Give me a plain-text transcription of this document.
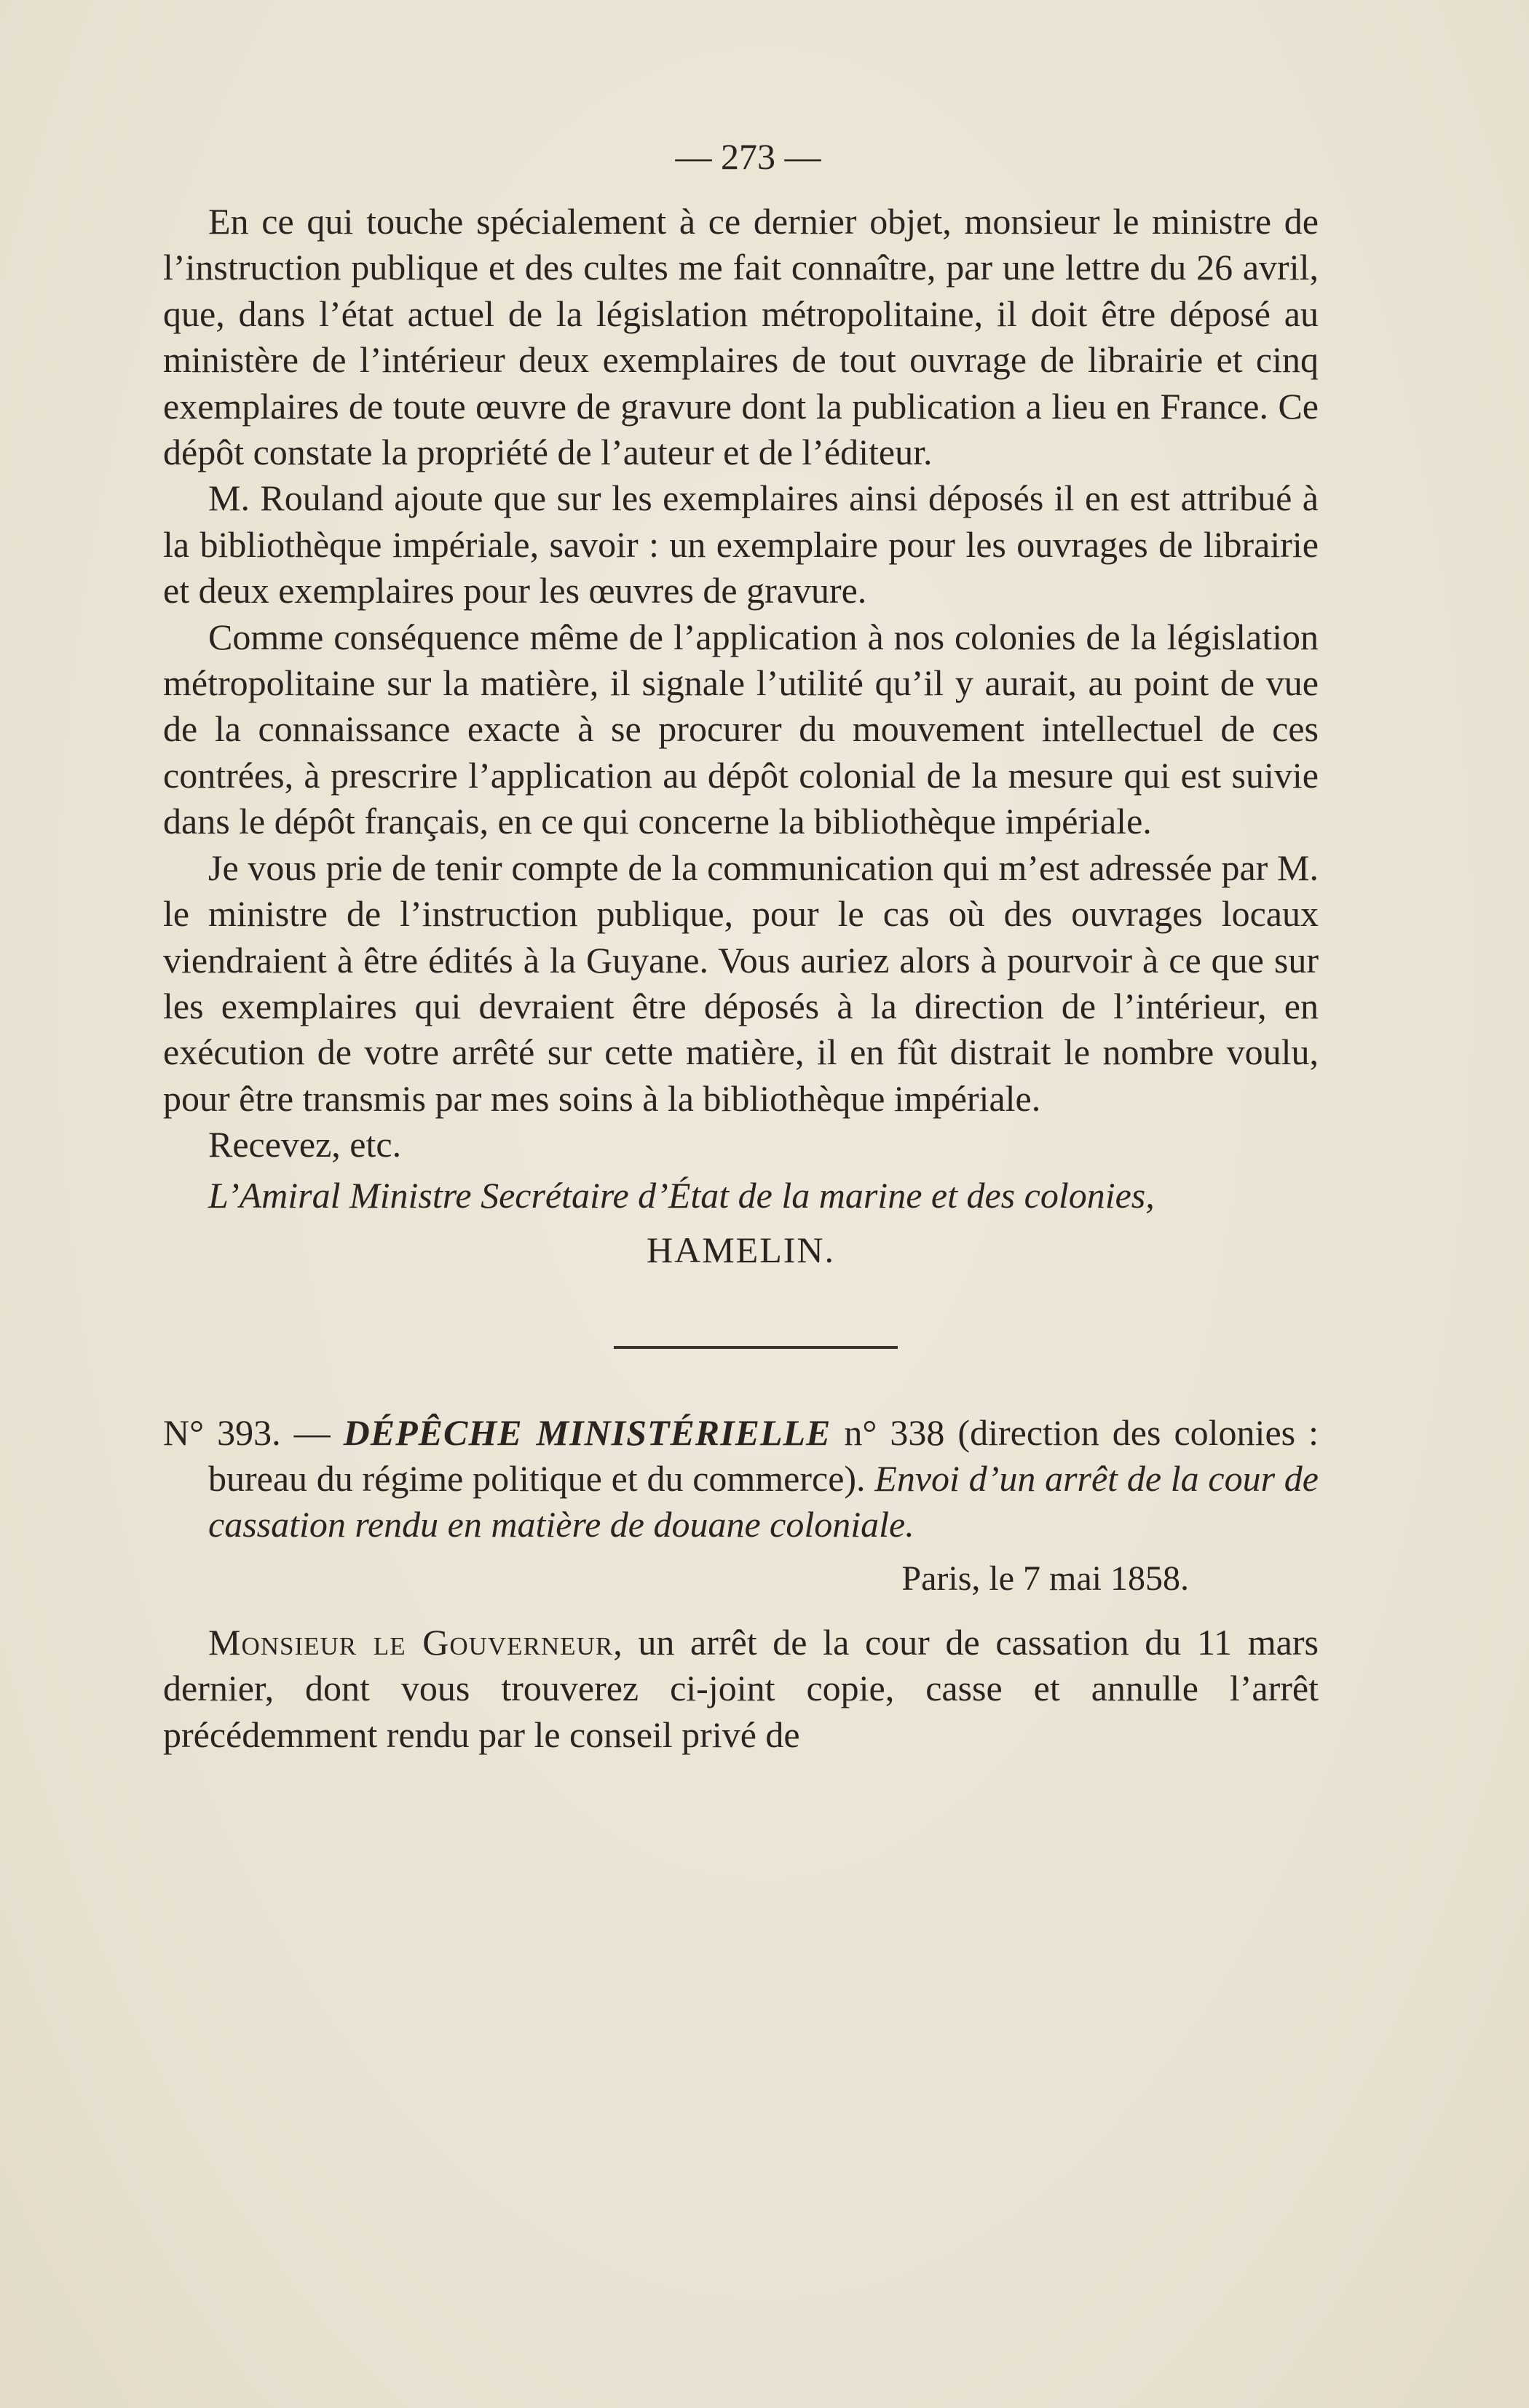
— 273 —

En ce qui touche spécialement à ce dernier objet, monsieur le ministre de l’instruction publique et des cultes me fait connaître, par une lettre du 26 avril, que, dans l’état actuel de la législation métropolitaine, il doit être déposé au ministère de l’intérieur deux exemplaires de tout ouvrage de librairie et cinq exemplaires de toute œuvre de gravure dont la publication a lieu en France. Ce dépôt constate la propriété de l’auteur et de l’éditeur.

M. Rouland ajoute que sur les exemplaires ainsi déposés il en est attribué à la bibliothèque impériale, savoir : un exemplaire pour les ouvrages de librairie et deux exemplaires pour les œuvres de gravure.

Comme conséquence même de l’application à nos colonies de la législation métropolitaine sur la matière, il signale l’utilité qu’il y aurait, au point de vue de la connaissance exacte à se procurer du mouvement intellectuel de ces contrées, à prescrire l’application au dépôt colonial de la mesure qui est suivie dans le dépôt français, en ce qui concerne la bibliothèque impériale.

Je vous prie de tenir compte de la communication qui m’est adressée par M. le ministre de l’instruction publique, pour le cas où des ouvrages locaux viendraient à être édités à la Guyane. Vous auriez alors à pourvoir à ce que sur les exemplaires qui devraient être déposés à la direction de l’intérieur, en exécution de votre arrêté sur cette matière, il en fût distrait le nombre voulu, pour être transmis par mes soins à la bibliothèque impériale.

Recevez, etc.

L’Amiral Ministre Secrétaire d’État de la marine et des colonies,
HAMELIN.
N° 393. — DÉPÊCHE MINISTÉRIELLE n° 338 (direction des colonies : bureau du régime politique et du commerce). Envoi d’un arrêt de la cour de cassation rendu en matière de douane coloniale.
Paris, le 7 mai 1858.

Monsieur le Gouverneur, un arrêt de la cour de cassation du 11 mars dernier, dont vous trouverez ci-joint copie, casse et annulle l’arrêt précédemment rendu par le conseil privé de
